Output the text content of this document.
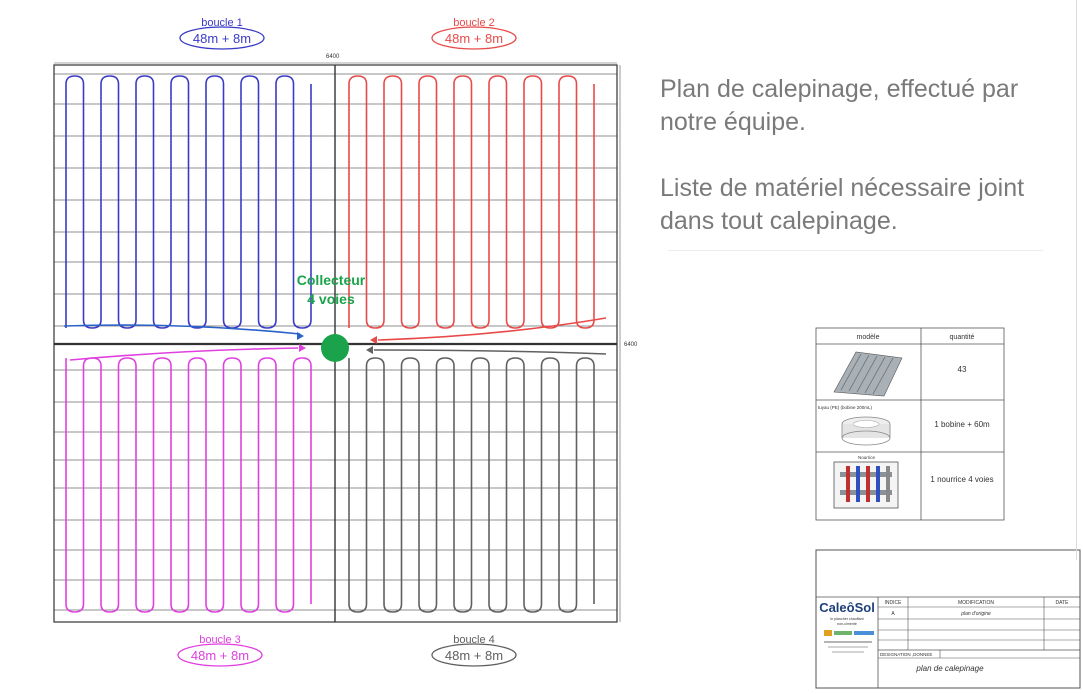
6400
6400
boucle 1
48m + 8m
boucle 2
48m + 8m
boucle 3
48m + 8m
boucle 4
48m + 8m
Collecteur
4 voies
modèle	quantité
43
tuyau (PE) (bobine 200mL)
1 bobine + 60m
Nourrice
1 nourrice 4 voies
INDICE	MODIFICATION	DATE
A	plan d'origine
DESIGNATION ,DONNEE
plan de calepinage
CaleôSol
le plancher chauffant
non-cimenté

Plan de calepinage, effectué par notre équipe.

Liste de matériel nécessaire joint dans tout calepinage.
